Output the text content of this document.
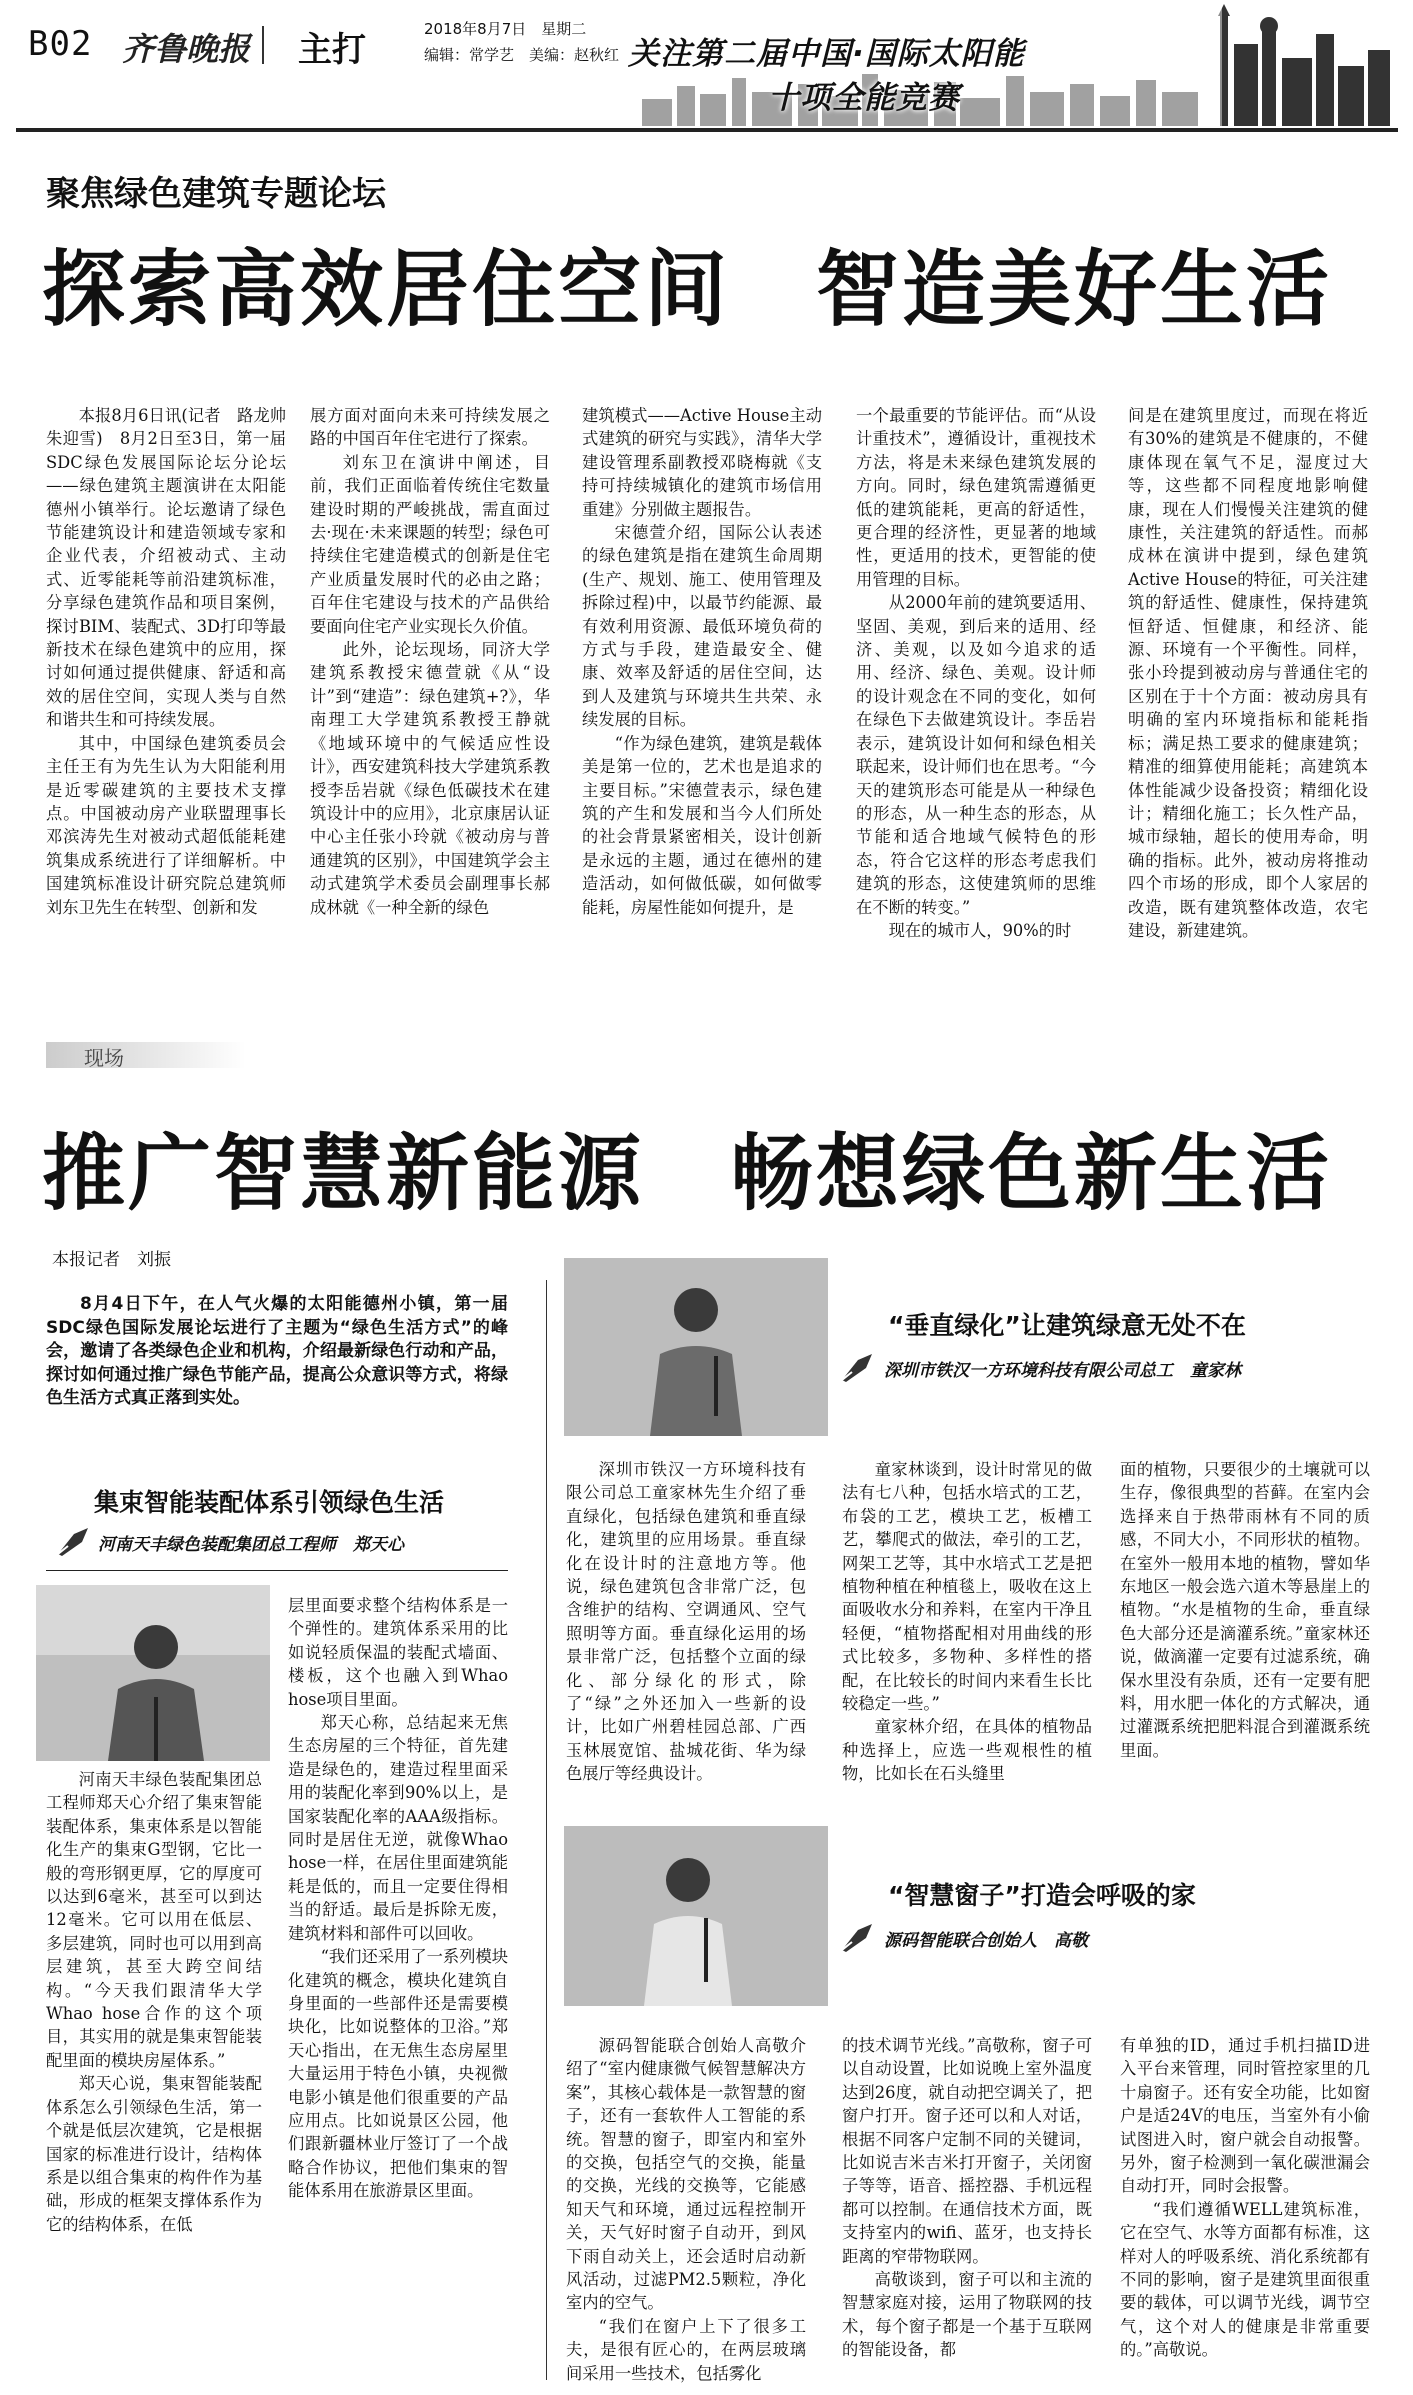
B02 齐鲁晚报 主打
2018年8月7日　星期二
编辑：常学艺　美编：赵秋红 关注第二届中国·国际太阳能
十项全能竞赛
聚焦绿色建筑专题论坛
探索高效居住空间　智造美好生活

本报8月6日讯(记者　路龙帅　朱迎雪)　8月2日至3日，第一届SDC绿色发展国际论坛分论坛——绿色建筑主题演讲在太阳能德州小镇举行。论坛邀请了绿色节能建筑设计和建造领域专家和企业代表，介绍被动式、主动式、近零能耗等前沿建筑标准，分享绿色建筑作品和项目案例，探讨BIM、装配式、3D打印等最新技术在绿色建筑中的应用，探讨如何通过提供健康、舒适和高效的居住空间，实现人类与自然和谐共生和可持续发展。

其中，中国绿色建筑委员会主任王有为先生认为大阳能利用是近零碳建筑的主要技术支撑点。中国被动房产业联盟理事长邓滨涛先生对被动式超低能耗建筑集成系统进行了详细解析。中国建筑标准设计研究院总建筑师刘东卫先生在转型、创新和发

展方面对面向未来可持续发展之路的中国百年住宅进行了探索。

刘东卫在演讲中阐述，目前，我们正面临着传统住宅数量建设时期的严峻挑战，需直面过去·现在·未来课题的转型；绿色可持续住宅建造模式的创新是住宅产业质量发展时代的必由之路；百年住宅建设与技术的产品供给要面向住宅产业实现长久价值。

此外，论坛现场，同济大学建筑系教授宋德萱就《从“设计”到“建造”：绿色建筑+?》，华南理工大学建筑系教授王静就《地域环境中的气候适应性设计》，西安建筑科技大学建筑系教授李岳岩就《绿色低碳技术在建筑设计中的应用》，北京康居认证中心主任张小玲就《被动房与普通建筑的区别》，中国建筑学会主动式建筑学术委员会副理事长郝成林就《一种全新的绿色

建筑模式——Active House主动式建筑的研究与实践》，清华大学建设管理系副教授邓晓梅就《支持可持续城镇化的建筑市场信用重建》分别做主题报告。

宋德萱介绍，国际公认表述的绿色建筑是指在建筑生命周期(生产、规划、施工、使用管理及拆除过程)中，以最节约能源、最有效利用资源、最低环境负荷的方式与手段，建造最安全、健康、效率及舒适的居住空间，达到人及建筑与环境共生共荣、永续发展的目标。

“作为绿色建筑，建筑是载体美是第一位的，艺术也是追求的主要目标。”宋德萱表示，绿色建筑的产生和发展和当今人们所处的社会背景紧密相关，设计创新是永远的主题，通过在德州的建造活动，如何做低碳，如何做零能耗，房屋性能如何提升，是

一个最重要的节能评估。而“从设计重技术”，遵循设计，重视技术方法，将是未来绿色建筑发展的方向。同时，绿色建筑需遵循更低的建筑能耗，更高的舒适性，更合理的经济性，更显著的地域性，更适用的技术，更智能的使用管理的目标。

从2000年前的建筑要适用、坚固、美观，到后来的适用、经济、美观，以及如今追求的适用、经济、绿色、美观。设计师的设计观念在不同的变化，如何在绿色下去做建筑设计。李岳岩表示，建筑设计如何和绿色相关联起来，设计师们也在思考。“今天的建筑形态可能是从一种绿色的形态，从一种生态的形态，从节能和适合地域气候特色的形态，符合它这样的形态考虑我们建筑的形态，这使建筑师的思维在不断的转变。”

现在的城市人，90%的时

间是在建筑里度过，而现在将近有30%的建筑是不健康的，不健康体现在氧气不足，湿度过大等，这些都不同程度地影响健康，现在人们慢慢关注建筑的健康性，关注建筑的舒适性。而郝成林在演讲中提到，绿色建筑Active House的特征，可关注建筑的舒适性、健康性，保持建筑恒舒适、恒健康，和经济、能源、环境有一个平衡性。同样，张小玲提到被动房与普通住宅的区别在于十个方面：被动房具有明确的室内环境指标和能耗指标；满足热工要求的健康建筑；精准的细算使用能耗；高建筑本体性能减少设备投资；精细化设计；精细化施工；长久性产品，城市绿轴，超长的使用寿命，明确的指标。此外，被动房将推动四个市场的形成，即个人家居的改造，既有建筑整体改造，农宅建设，新建建筑。

现场
推广智慧新能源　畅想绿色新生活
本报记者　刘振

8月4日下午，在人气火爆的太阳能德州小镇，第一届SDC绿色国际发展论坛进行了主题为“绿色生活方式”的峰会，邀请了各类绿色企业和机构，介绍最新绿色行动和产品，探讨如何通过推广绿色节能产品，提高公众意识等方式，将绿色生活方式真正落到实处。

集束智能装配体系引领绿色生活
河南天丰绿色装配集团总工程师　郑天心

河南天丰绿色装配集团总工程师郑天心介绍了集束智能装配体系，集束体系是以智能化生产的集束G型钢，它比一般的弯形钢更厚，它的厚度可以达到6毫米，甚至可以到达12毫米。它可以用在低层、多层建筑，同时也可以用到高层建筑，甚至大跨空间结构。“今天我们跟清华大学Whao hose合作的这个项目，其实用的就是集束智能装配里面的模块房屋体系。”

郑天心说，集束智能装配体系怎么引领绿色生活，第一个就是低层次建筑，它是根据国家的标准进行设计，结构体系是以组合集束的构件作为基础，形成的框架支撑体系作为它的结构体系，在低

层里面要求整个结构体系是一个弹性的。建筑体系采用的比如说轻质保温的装配式墙面、楼板，这个也融入到Whao hose项目里面。

郑天心称，总结起来无焦生态房屋的三个特征，首先建造是绿色的，建造过程里面采用的装配化率到90%以上，是国家装配化率的AAA级指标。同时是居住无逆，就像Whao hose一样，在居住里面建筑能耗是低的，而且一定要住得相当的舒适。最后是拆除无废，建筑材料和部件可以回收。

“我们还采用了一系列模块化建筑的概念，模块化建筑自身里面的一些部件还是需要模块化，比如说整体的卫浴。”郑天心指出，在无焦生态房屋里大量运用于特色小镇，央视微电影小镇是他们很重要的产品应用点。比如说景区公园，他们跟新疆林业厅签订了一个战略合作协议，把他们集束的智能体系用在旅游景区里面。

“垂直绿化”让建筑绿意无处不在
深圳市铁汉一方环境科技有限公司总工　童家林

深圳市铁汉一方环境科技有限公司总工童家林先生介绍了垂直绿化，包括绿色建筑和垂直绿化，建筑里的应用场景。垂直绿化在设计时的注意地方等。他说，绿色建筑包含非常广泛，包含维护的结构、空调通风、空气照明等方面。垂直绿化运用的场景非常广泛，包括整个立面的绿化、部分绿化的形式，除了“绿”之外还加入一些新的设计，比如广州碧桂园总部、广西玉林展宽馆、盐城花街、华为绿色展厅等经典设计。

童家林谈到，设计时常见的做法有七八种，包括水培式的工艺，布袋的工艺，模块工艺，板槽工艺，攀爬式的做法，牵引的工艺，网架工艺等，其中水培式工艺是把植物种植在种植毯上，吸收在这上面吸收水分和养料，在室内干净且轻便，“植物搭配相对用曲线的形式比较多，多物种、多样性的搭配，在比较长的时间内来看生长比较稳定一些。”

童家林介绍，在具体的植物品种选择上，应选一些观根性的植物，比如长在石头缝里

面的植物，只要很少的土壤就可以生存，像很典型的苔藓。在室内会选择来自于热带雨林有不同的质感，不同大小，不同形状的植物。在室外一般用本地的植物，譬如华东地区一般会选六道木等悬崖上的植物。“水是植物的生命，垂直绿色大部分还是滴灌系统。”童家林还说，做滴灌一定要有过滤系统，确保水里没有杂质，还有一定要有肥料，用水肥一体化的方式解决，通过灌溉系统把肥料混合到灌溉系统里面。

“智慧窗子”打造会呼吸的家
源码智能联合创始人　高敬

源码智能联合创始人高敬介绍了“室内健康微气候智慧解决方案”，其核心载体是一款智慧的窗子，还有一套软件人工智能的系统。智慧的窗子，即室内和室外的交换，包括空气的交换，能量的交换，光线的交换等，它能感知天气和环境，通过远程控制开关，天气好时窗子自动开，到风下雨自动关上，还会适时启动新风活动，过滤PM2.5颗粒，净化室内的空气。

“我们在窗户上下了很多工夫，是很有匠心的，在两层玻璃间采用一些技术，包括雾化

的技术调节光线。”高敬称，窗子可以自动设置，比如说晚上室外温度达到26度，就自动把空调关了，把窗户打开。窗子还可以和人对话，根据不同客户定制不同的关键词，比如说吉米吉米打开窗子，关闭窗子等等，语音、摇控器、手机远程都可以控制。在通信技术方面，既支持室内的wifi、蓝牙，也支持长距离的窄带物联网。

高敬谈到，窗子可以和主流的智慧家庭对接，运用了物联网的技术，每个窗子都是一个基于互联网的智能设备，都

有单独的ID，通过手机扫描ID进入平台来管理，同时管控家里的几十扇窗子。还有安全功能，比如窗户是适24V的电压，当室外有小偷试图进入时，窗户就会自动报警。另外，窗子检测到一氧化碳泄漏会自动打开，同时会报警。

“我们遵循WELL建筑标准，它在空气、水等方面都有标准，这样对人的呼吸系统、消化系统都有不同的影响，窗子是建筑里面很重要的载体，可以调节光线，调节空气，这个对人的健康是非常重要的。”高敬说。
